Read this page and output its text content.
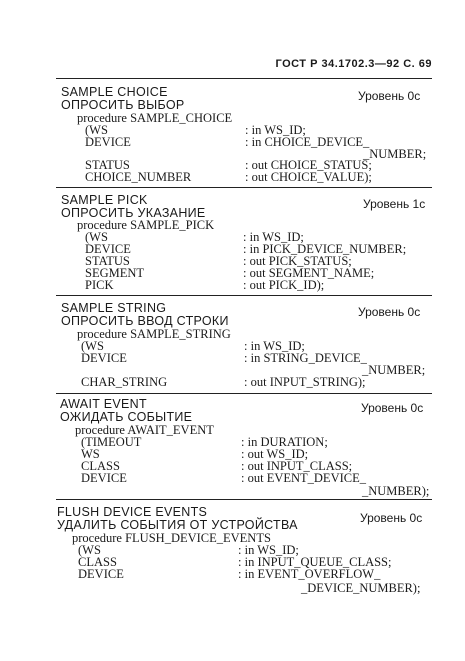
ГОСТ Р 34.1702.3—92 С. 69
SAMPLE CHOICE	Уровень 0с
ОПРОСИТЬ ВЫБОР
procedure SAMPLE_CHOICE
(WS	: in WS_ID;
DEVICE	: in CHOICE_DEVICE_
_NUMBER;
STATUS	: out CHOICE_STATUS;
CHOICE_NUMBER	: out CHOICE_VALUE);
SAMPLE PICK	Уровень 1с
ОПРОСИТЬ УКАЗАНИЕ
procedure SAMPLE_PICK
(WS	: in WS_ID;
DEVICE	: in PICK_DEVICE_NUMBER;
STATUS	: out PICK_STATUS;
SEGMENT	: out SEGMENT_NAME;
PICK	: out PICK_ID);
SAMPLE STRING	Уровень 0с
ОПРОСИТЬ ВВОД СТРОКИ
procedure SAMPLE_STRING
(WS	: in WS_ID;
DEVICE	: in STRING_DEVICE_
_NUMBER;
CHAR_STRING	: out INPUT_STRING);
AWAIT EVENT	Уровень 0с
ОЖИДАТЬ СОБЫТИЕ
procedure AWAIT_EVENT
(TIMEOUT	: in DURATION;
WS	: out WS_ID;
CLASS	: out INPUT_CLASS;
DEVICE	: out EVENT_DEVICE_
_NUMBER);
FLUSH DEVICE EVENTS	Уровень 0с
УДАЛИТЬ СОБЫТИЯ ОТ УСТРОЙСТВА
procedure FLUSH_DEVICE_EVENTS
(WS	: in WS_ID;
CLASS	: in INPUT_QUEUE_CLASS;
DEVICE	: in EVENT_OVERFLOW_
_DEVICE_NUMBER);
